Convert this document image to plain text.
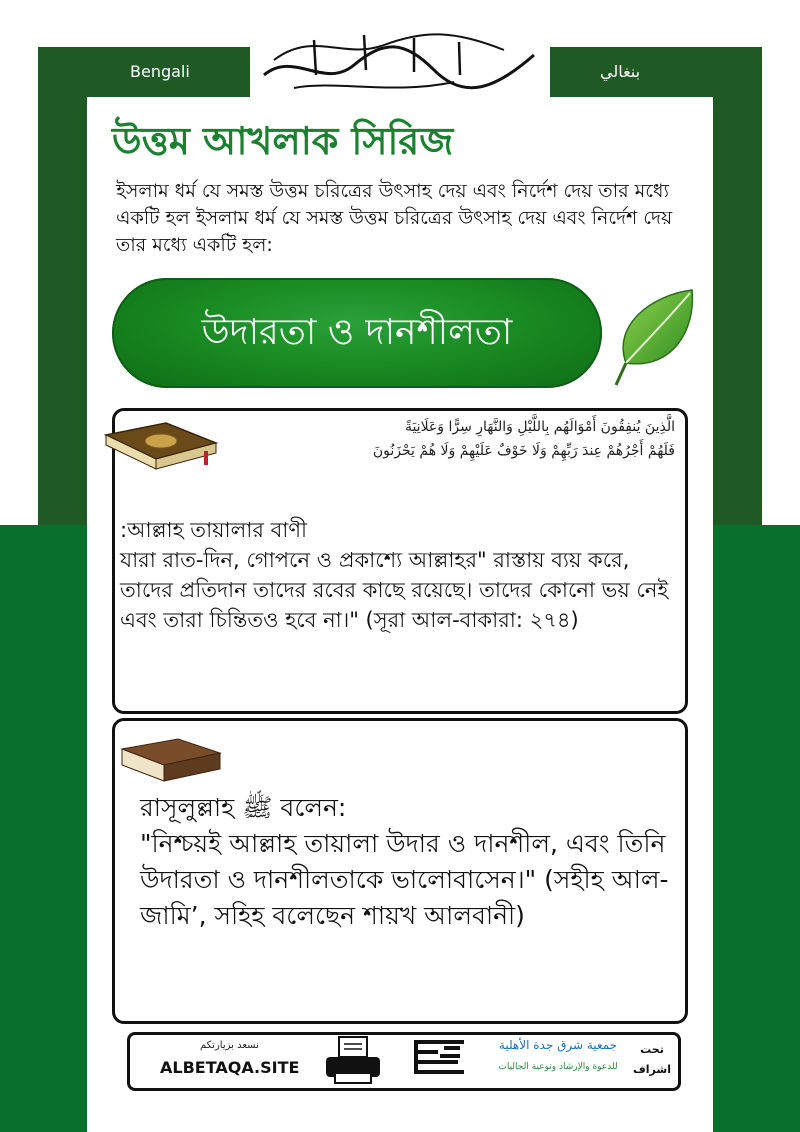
Bengali	بنغالي
بسم الله الرحمن الرحيم
উত্তম আখলাক সিরিজ
ইসলাম ধর্ম যে সমস্ত উত্তম চরিত্রের উৎসাহ দেয় এবং নির্দেশ দেয় তার মধ্যে একটি হল ইসলাম ধর্ম যে সমস্ত উত্তম চরিত্রের উৎসাহ দেয় এবং নির্দেশ দেয় তার মধ্যে একটি হল:
উদারতা ও দানশীলতা
الَّذِينَ يُنفِقُونَ أَمْوَالَهُم بِاللَّيْلِ وَالنَّهَارِ سِرًّا وَعَلَانِيَةً
فَلَهُمْ أَجْرُهُمْ عِندَ رَبِّهِمْ وَلَا خَوْفٌ عَلَيْهِمْ وَلَا هُمْ يَحْزَنُونَ
:আল্লাহ তায়ালার বাণী
যারা রাত-দিন, গোপনে ও প্রকাশ্যে আল্লাহর" রাস্তায় ব্যয় করে, তাদের প্রতিদান তাদের রবের কাছে রয়েছে। তাদের কোনো ভয় নেই এবং তারা চিন্তিতও হবে না।" (সূরা আল-বাকারা: ২৭৪)
রাসূলুল্লাহ ﷺ বলেন:
"নিশ্চয়ই আল্লাহ তায়ালা উদার ও দানশীল, এবং তিনি উদারতা ও দানশীলতাকে ভালোবাসেন।" (সহীহ আল-জামি’, সহিহ বলেছেন শায়খ আলবানী)
نسعد بزيارتكم
ALBETAQA.SITE
جمعية شرق جدة الأهلية
للدعوة والإرشاد وتوعية الجاليات
تحت
اشراف
